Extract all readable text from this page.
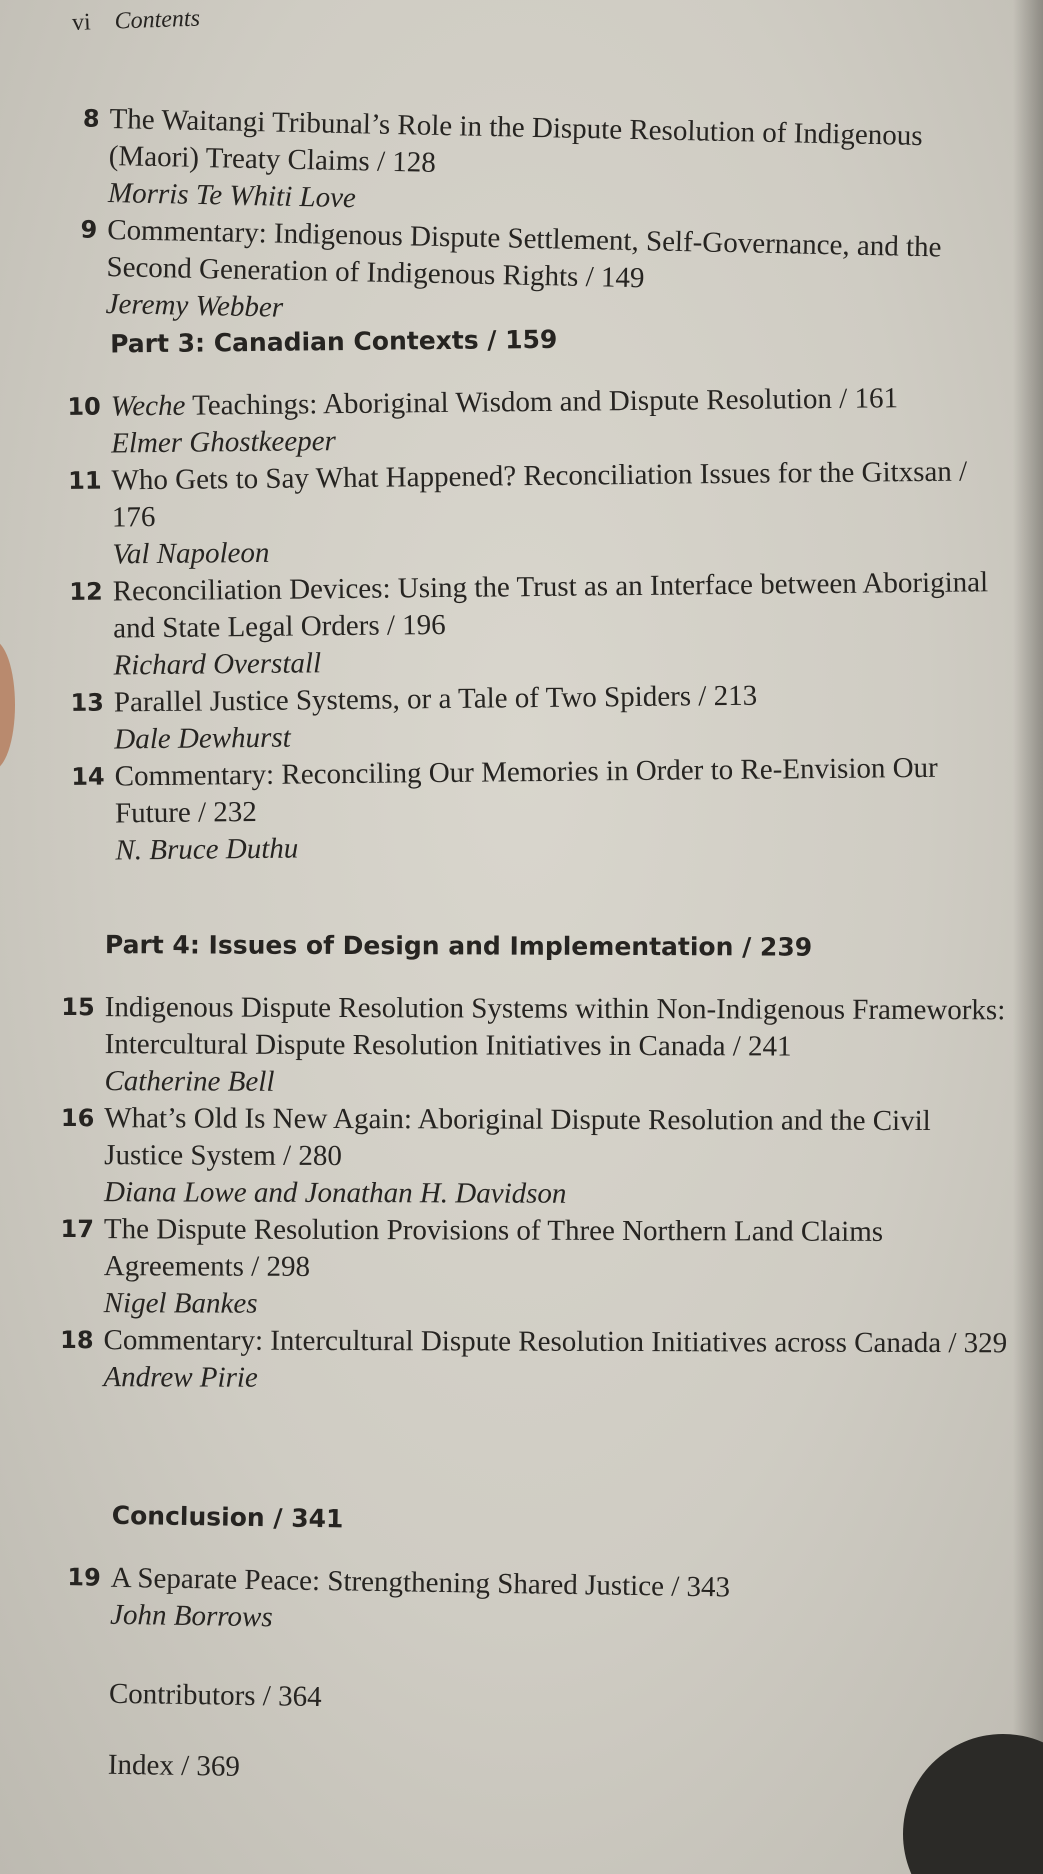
vi Contents
8 The Waitangi Tribunal’s Role in the Dispute Resolution of Indigenous (Maori) Treaty Claims / 128
Morris Te Whiti Love
9 Commentary: Indigenous Dispute Settlement, Self-Governance, and the Second Generation of Indigenous Rights / 149
Jeremy Webber
Part 3: Canadian Contexts / 159
10 Weche Teachings: Aboriginal Wisdom and Dispute Resolution / 161
Elmer Ghostkeeper
11 Who Gets to Say What Happened? Reconciliation Issues for the Gitxsan / 176
Val Napoleon
12 Reconciliation Devices: Using the Trust as an Interface between Aboriginal and State Legal Orders / 196
Richard Overstall
13 Parallel Justice Systems, or a Tale of Two Spiders / 213
Dale Dewhurst
14 Commentary: Reconciling Our Memories in Order to Re-Envision Our Future / 232
N. Bruce Duthu
Part 4: Issues of Design and Implementation / 239
15 Indigenous Dispute Resolution Systems within Non-Indigenous Frameworks: Intercultural Dispute Resolution Initiatives in Canada / 241
Catherine Bell
16 What’s Old Is New Again: Aboriginal Dispute Resolution and the Civil Justice System / 280
Diana Lowe and Jonathan H. Davidson
17 The Dispute Resolution Provisions of Three Northern Land Claims Agreements / 298
Nigel Bankes
18 Commentary: Intercultural Dispute Resolution Initiatives across Canada / 329
Andrew Pirie
Conclusion / 341
19 A Separate Peace: Strengthening Shared Justice / 343
John Borrows
Contributors / 364
Index / 369
